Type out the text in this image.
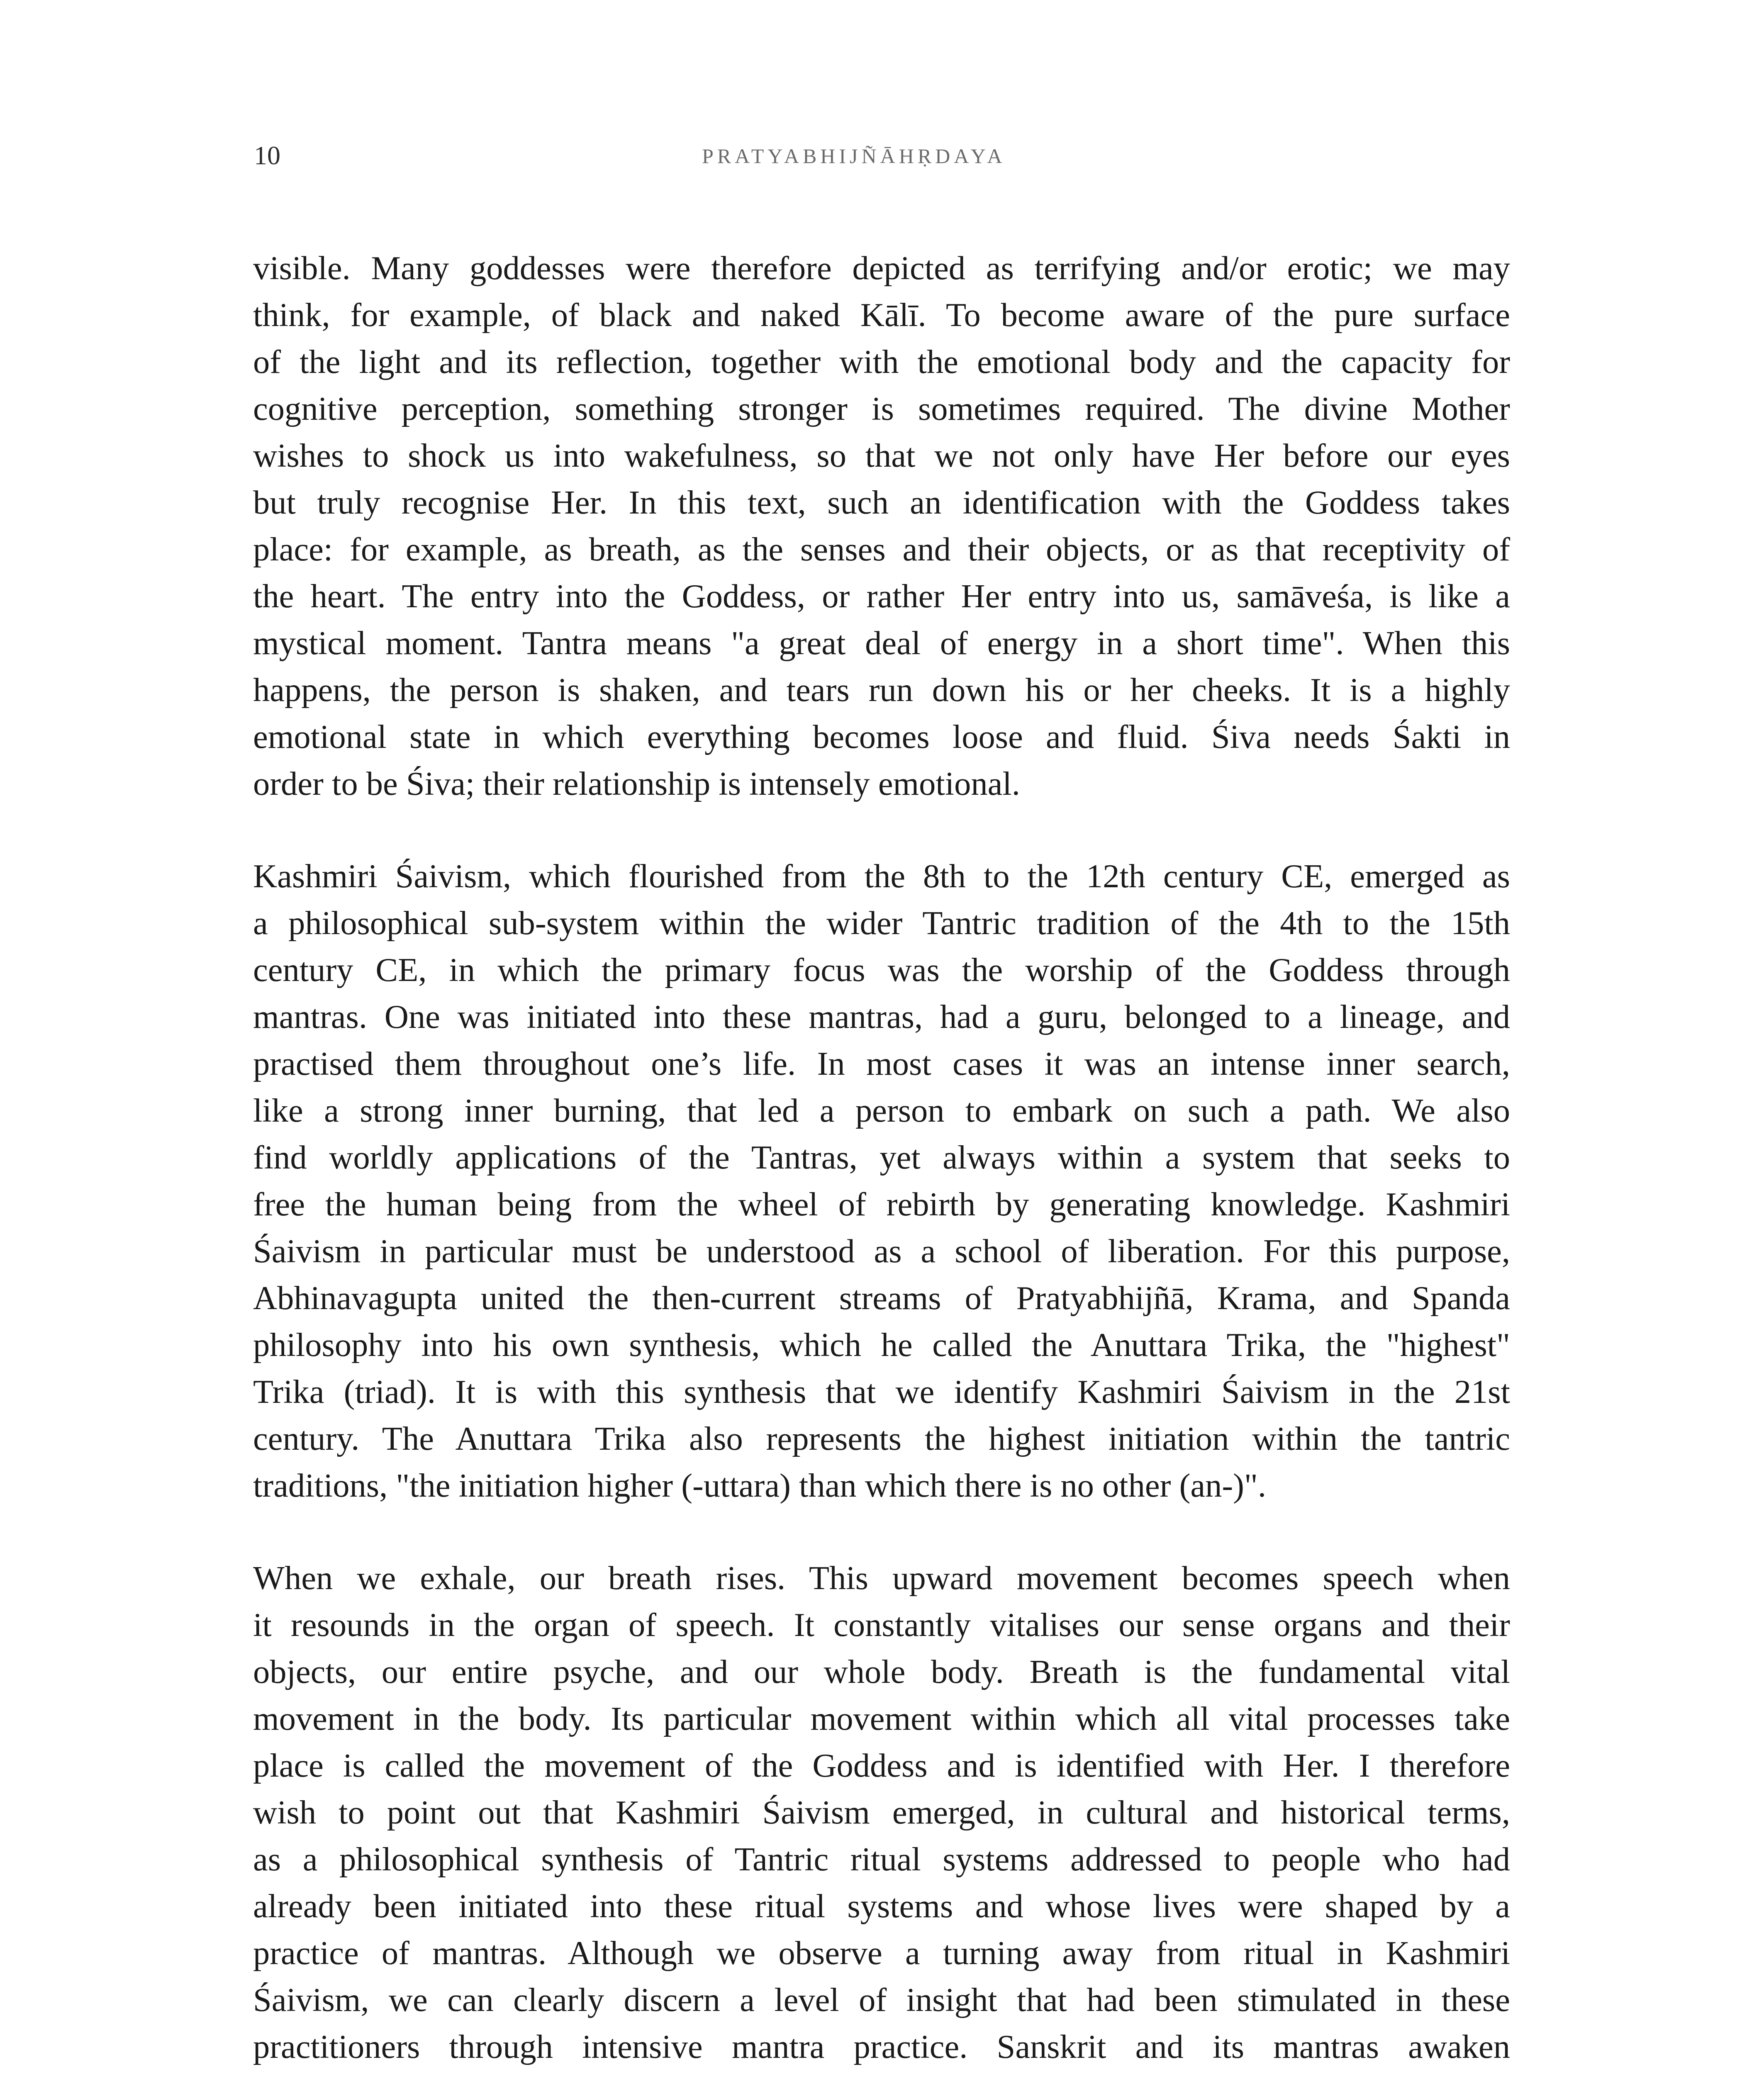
10	PRATYABHIJÑĀHṚDAYA
visible. Many goddesses were therefore depicted as terrifying and/or erotic; we may
think, for example, of black and naked Kālī. To become aware of the pure surface
of the light and its reflection, together with the emotional body and the capacity for
cognitive perception, something stronger is sometimes required. The divine Mother
wishes to shock us into wakefulness, so that we not only have Her before our eyes
but truly recognise Her. In this text, such an identification with the Goddess takes
place: for example, as breath, as the senses and their objects, or as that receptivity of
the heart. The entry into the Goddess, or rather Her entry into us, samāveśa, is like a
mystical moment. Tantra means "a great deal of energy in a short time". When this
happens, the person is shaken, and tears run down his or her cheeks. It is a highly
emotional state in which everything becomes loose and fluid. Śiva needs Śakti in
order to be Śiva; their relationship is intensely emotional.
Kashmiri Śaivism, which flourished from the 8th to the 12th century CE, emerged as
a philosophical sub-system within the wider Tantric tradition of the 4th to the 15th
century CE, in which the primary focus was the worship of the Goddess through
mantras. One was initiated into these mantras, had a guru, belonged to a lineage, and
practised them throughout one’s life. In most cases it was an intense inner search,
like a strong inner burning, that led a person to embark on such a path. We also
find worldly applications of the Tantras, yet always within a system that seeks to
free the human being from the wheel of rebirth by generating knowledge. Kashmiri
Śaivism in particular must be understood as a school of liberation. For this purpose,
Abhinavagupta united the then-current streams of Pratyabhijñā, Krama, and Spanda
philosophy into his own synthesis, which he called the Anuttara Trika, the "highest"
Trika (triad). It is with this synthesis that we identify Kashmiri Śaivism in the 21st
century. The Anuttara Trika also represents the highest initiation within the tantric
traditions, "the initiation higher (-uttara) than which there is no other (an-)".
When we exhale, our breath rises. This upward movement becomes speech when
it resounds in the organ of speech. It constantly vitalises our sense organs and their
objects, our entire psyche, and our whole body. Breath is the fundamental vital
movement in the body. Its particular movement within which all vital processes take
place is called the movement of the Goddess and is identified with Her. I therefore
wish to point out that Kashmiri Śaivism emerged, in cultural and historical terms,
as a philosophical synthesis of Tantric ritual systems addressed to people who had
already been initiated into these ritual systems and whose lives were shaped by a
practice of mantras. Although we observe a turning away from ritual in Kashmiri
Śaivism, we can clearly discern a level of insight that had been stimulated in these
practitioners through intensive mantra practice. Sanskrit and its mantras awaken
